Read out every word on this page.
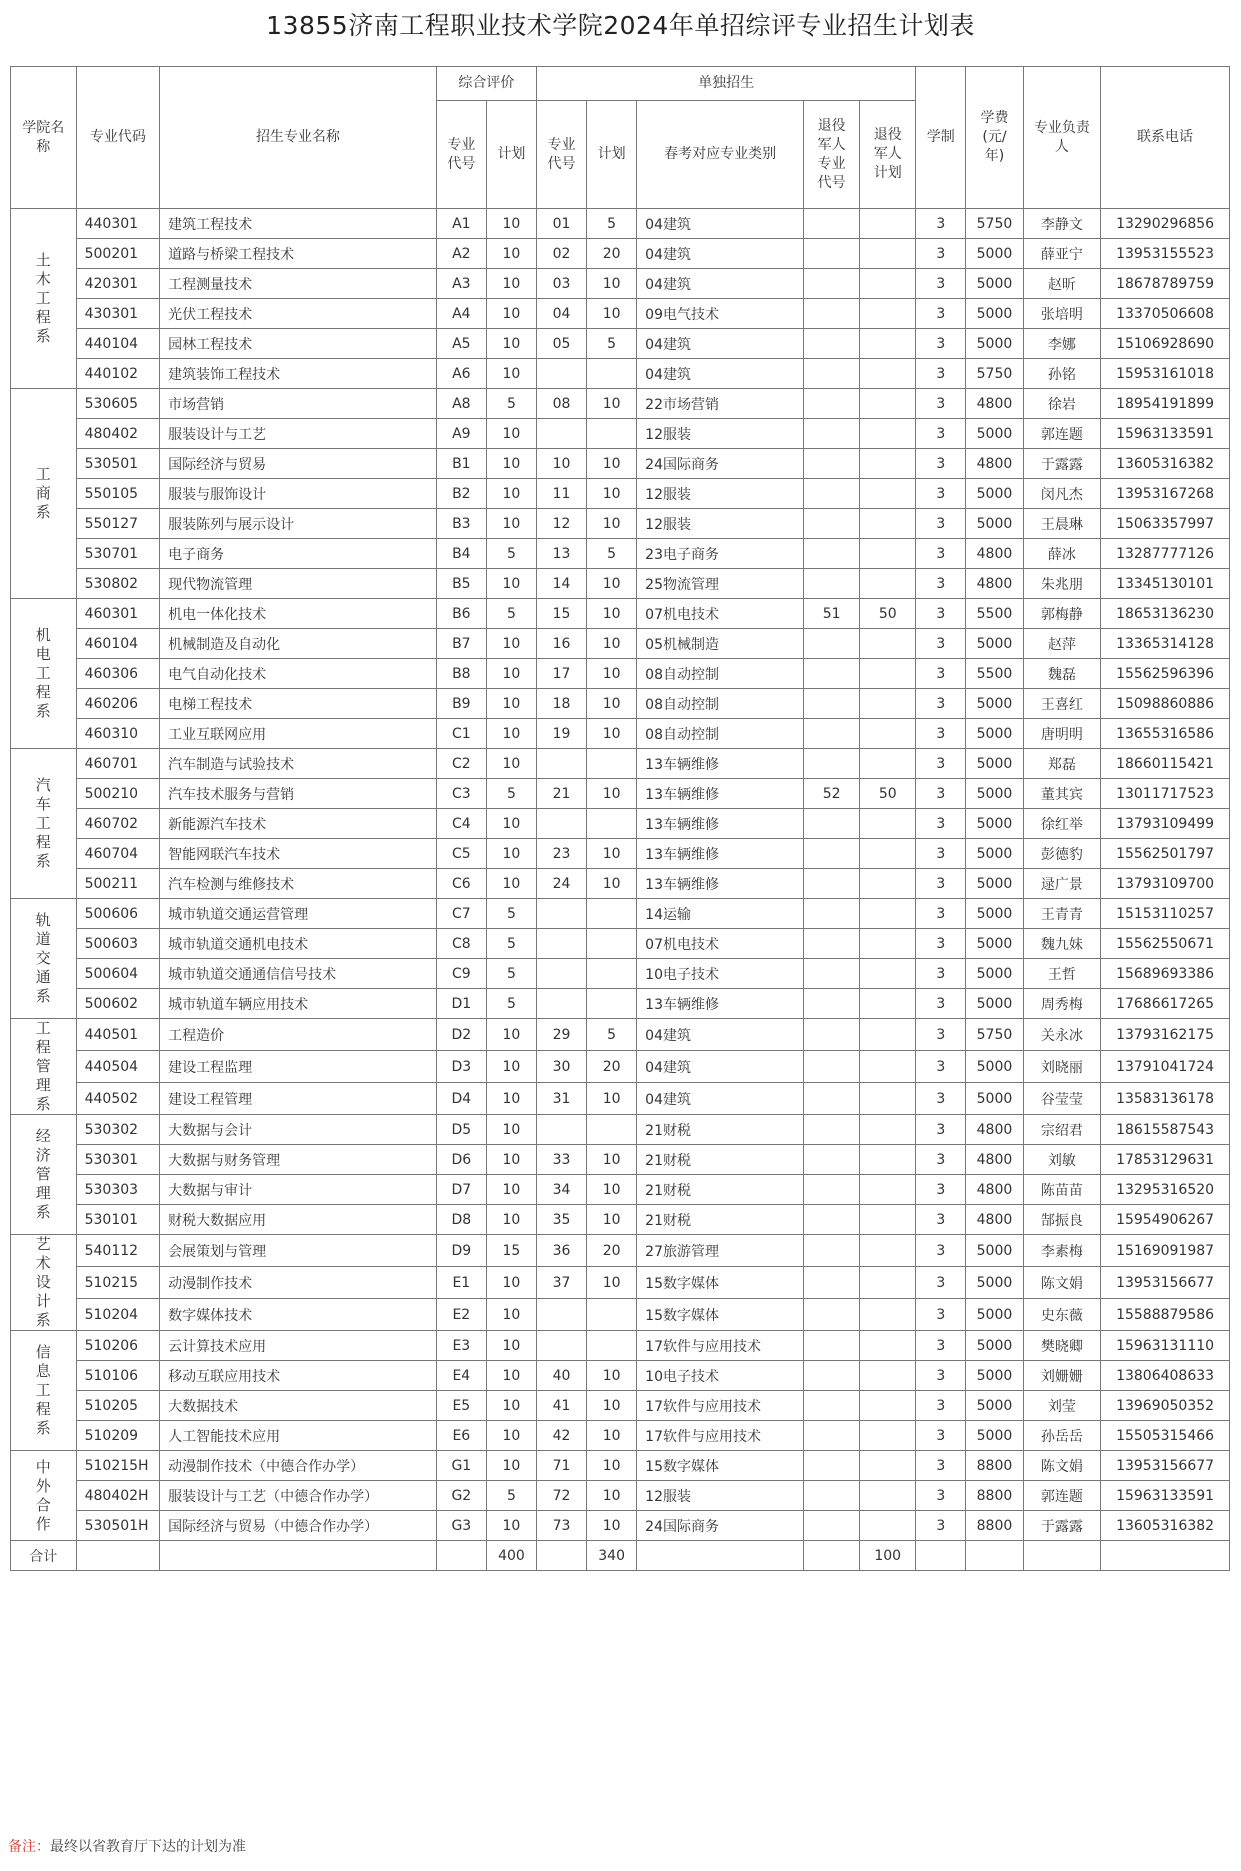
13855济南工程职业技术学院2024年单招综评专业招生计划表
学院名称	专业代码	招生专业名称	综合评价		单独招生					学制	学费(元/年)	专业负责人	联系电话
			专业代号	计划	专业代号	计划	春考对应专业类别	退役军人专业代号	退役军人计划				
土木工程系	440301	建筑工程技术	A1	10	01	5	04建筑			3	5750	李静文	13290296856
	500201	道路与桥梁工程技术	A2	10	02	20	04建筑			3	5000	薛亚宁	13953155523
	420301	工程测量技术	A3	10	03	10	04建筑			3	5000	赵昕	18678789759
	430301	光伏工程技术	A4	10	04	10	09电气技术			3	5000	张培明	13370506608
	440104	园林工程技术	A5	10	05	5	04建筑			3	5000	李娜	15106928690
	440102	建筑装饰工程技术	A6	10			04建筑			3	5750	孙铭	15953161018
工商系	530605	市场营销	A8	5	08	10	22市场营销			3	4800	徐岩	18954191899
	480402	服装设计与工艺	A9	10			12服装			3	5000	郭连题	15963133591
	530501	国际经济与贸易	B1	10	10	10	24国际商务			3	4800	于露露	13605316382
	550105	服装与服饰设计	B2	10	11	10	12服装			3	5000	闵凡杰	13953167268
	550127	服装陈列与展示设计	B3	10	12	10	12服装			3	5000	王晨琳	15063357997
	530701	电子商务	B4	5	13	5	23电子商务			3	4800	薛冰	13287777126
	530802	现代物流管理	B5	10	14	10	25物流管理			3	4800	朱兆朋	13345130101
机电工程系	460301	机电一体化技术	B6	5	15	10	07机电技术	51	50	3	5500	郭梅静	18653136230
	460104	机械制造及自动化	B7	10	16	10	05机械制造			3	5000	赵萍	13365314128
	460306	电气自动化技术	B8	10	17	10	08自动控制			3	5500	魏磊	15562596396
	460206	电梯工程技术	B9	10	18	10	08自动控制			3	5000	王喜红	15098860886
	460310	工业互联网应用	C1	10	19	10	08自动控制			3	5000	唐明明	13655316586
汽车工程系	460701	汽车制造与试验技术	C2	10			13车辆维修			3	5000	郑磊	18660115421
	500210	汽车技术服务与营销	C3	5	21	10	13车辆维修	52	50	3	5000	董其宾	13011717523
	460702	新能源汽车技术	C4	10			13车辆维修			3	5000	徐红举	13793109499
	460704	智能网联汽车技术	C5	10	23	10	13车辆维修			3	5000	彭德豹	15562501797
	500211	汽车检测与维修技术	C6	10	24	10	13车辆维修			3	5000	逯广景	13793109700
轨道交通系	500606	城市轨道交通运营管理	C7	5			14运输			3	5000	王青青	15153110257
	500603	城市轨道交通机电技术	C8	5			07机电技术			3	5000	魏九妹	15562550671
	500604	城市轨道交通通信信号技术	C9	5			10电子技术			3	5000	王哲	15689693386
	500602	城市轨道车辆应用技术	D1	5			13车辆维修			3	5000	周秀梅	17686617265
工程管理系	440501	工程造价	D2	10	29	5	04建筑			3	5750	关永冰	13793162175
	440504	建设工程监理	D3	10	30	20	04建筑			3	5000	刘晓丽	13791041724
	440502	建设工程管理	D4	10	31	10	04建筑			3	5000	谷莹莹	13583136178
经济管理系	530302	大数据与会计	D5	10			21财税			3	4800	宗绍君	18615587543
	530301	大数据与财务管理	D6	10	33	10	21财税			3	4800	刘敏	17853129631
	530303	大数据与审计	D7	10	34	10	21财税			3	4800	陈苗苗	13295316520
	530101	财税大数据应用	D8	10	35	10	21财税			3	4800	郜振良	15954906267
艺术设计系	540112	会展策划与管理	D9	15	36	20	27旅游管理			3	5000	李素梅	15169091987
	510215	动漫制作技术	E1	10	37	10	15数字媒体			3	5000	陈文娟	13953156677
	510204	数字媒体技术	E2	10			15数字媒体			3	5000	史东薇	15588879586
信息工程系	510206	云计算技术应用	E3	10			17软件与应用技术			3	5000	樊晓卿	15963131110
	510106	移动互联应用技术	E4	10	40	10	10电子技术			3	5000	刘姗姗	13806408633
	510205	大数据技术	E5	10	41	10	17软件与应用技术			3	5000	刘莹	13969050352
	510209	人工智能技术应用	E6	10	42	10	17软件与应用技术			3	5000	孙岳岳	15505315466
中外合作	510215H	动漫制作技术（中德合作办学）	G1	10	71	10	15数字媒体			3	8800	陈文娟	13953156677
	480402H	服装设计与工艺（中德合作办学）	G2	5	72	10	12服装			3	8800	郭连题	15963133591
	530501H	国际经济与贸易（中德合作办学）	G3	10	73	10	24国际商务			3	8800	于露露	13605316382
合计				400		340			100				
备注：最终以省教育厅下达的计划为准
